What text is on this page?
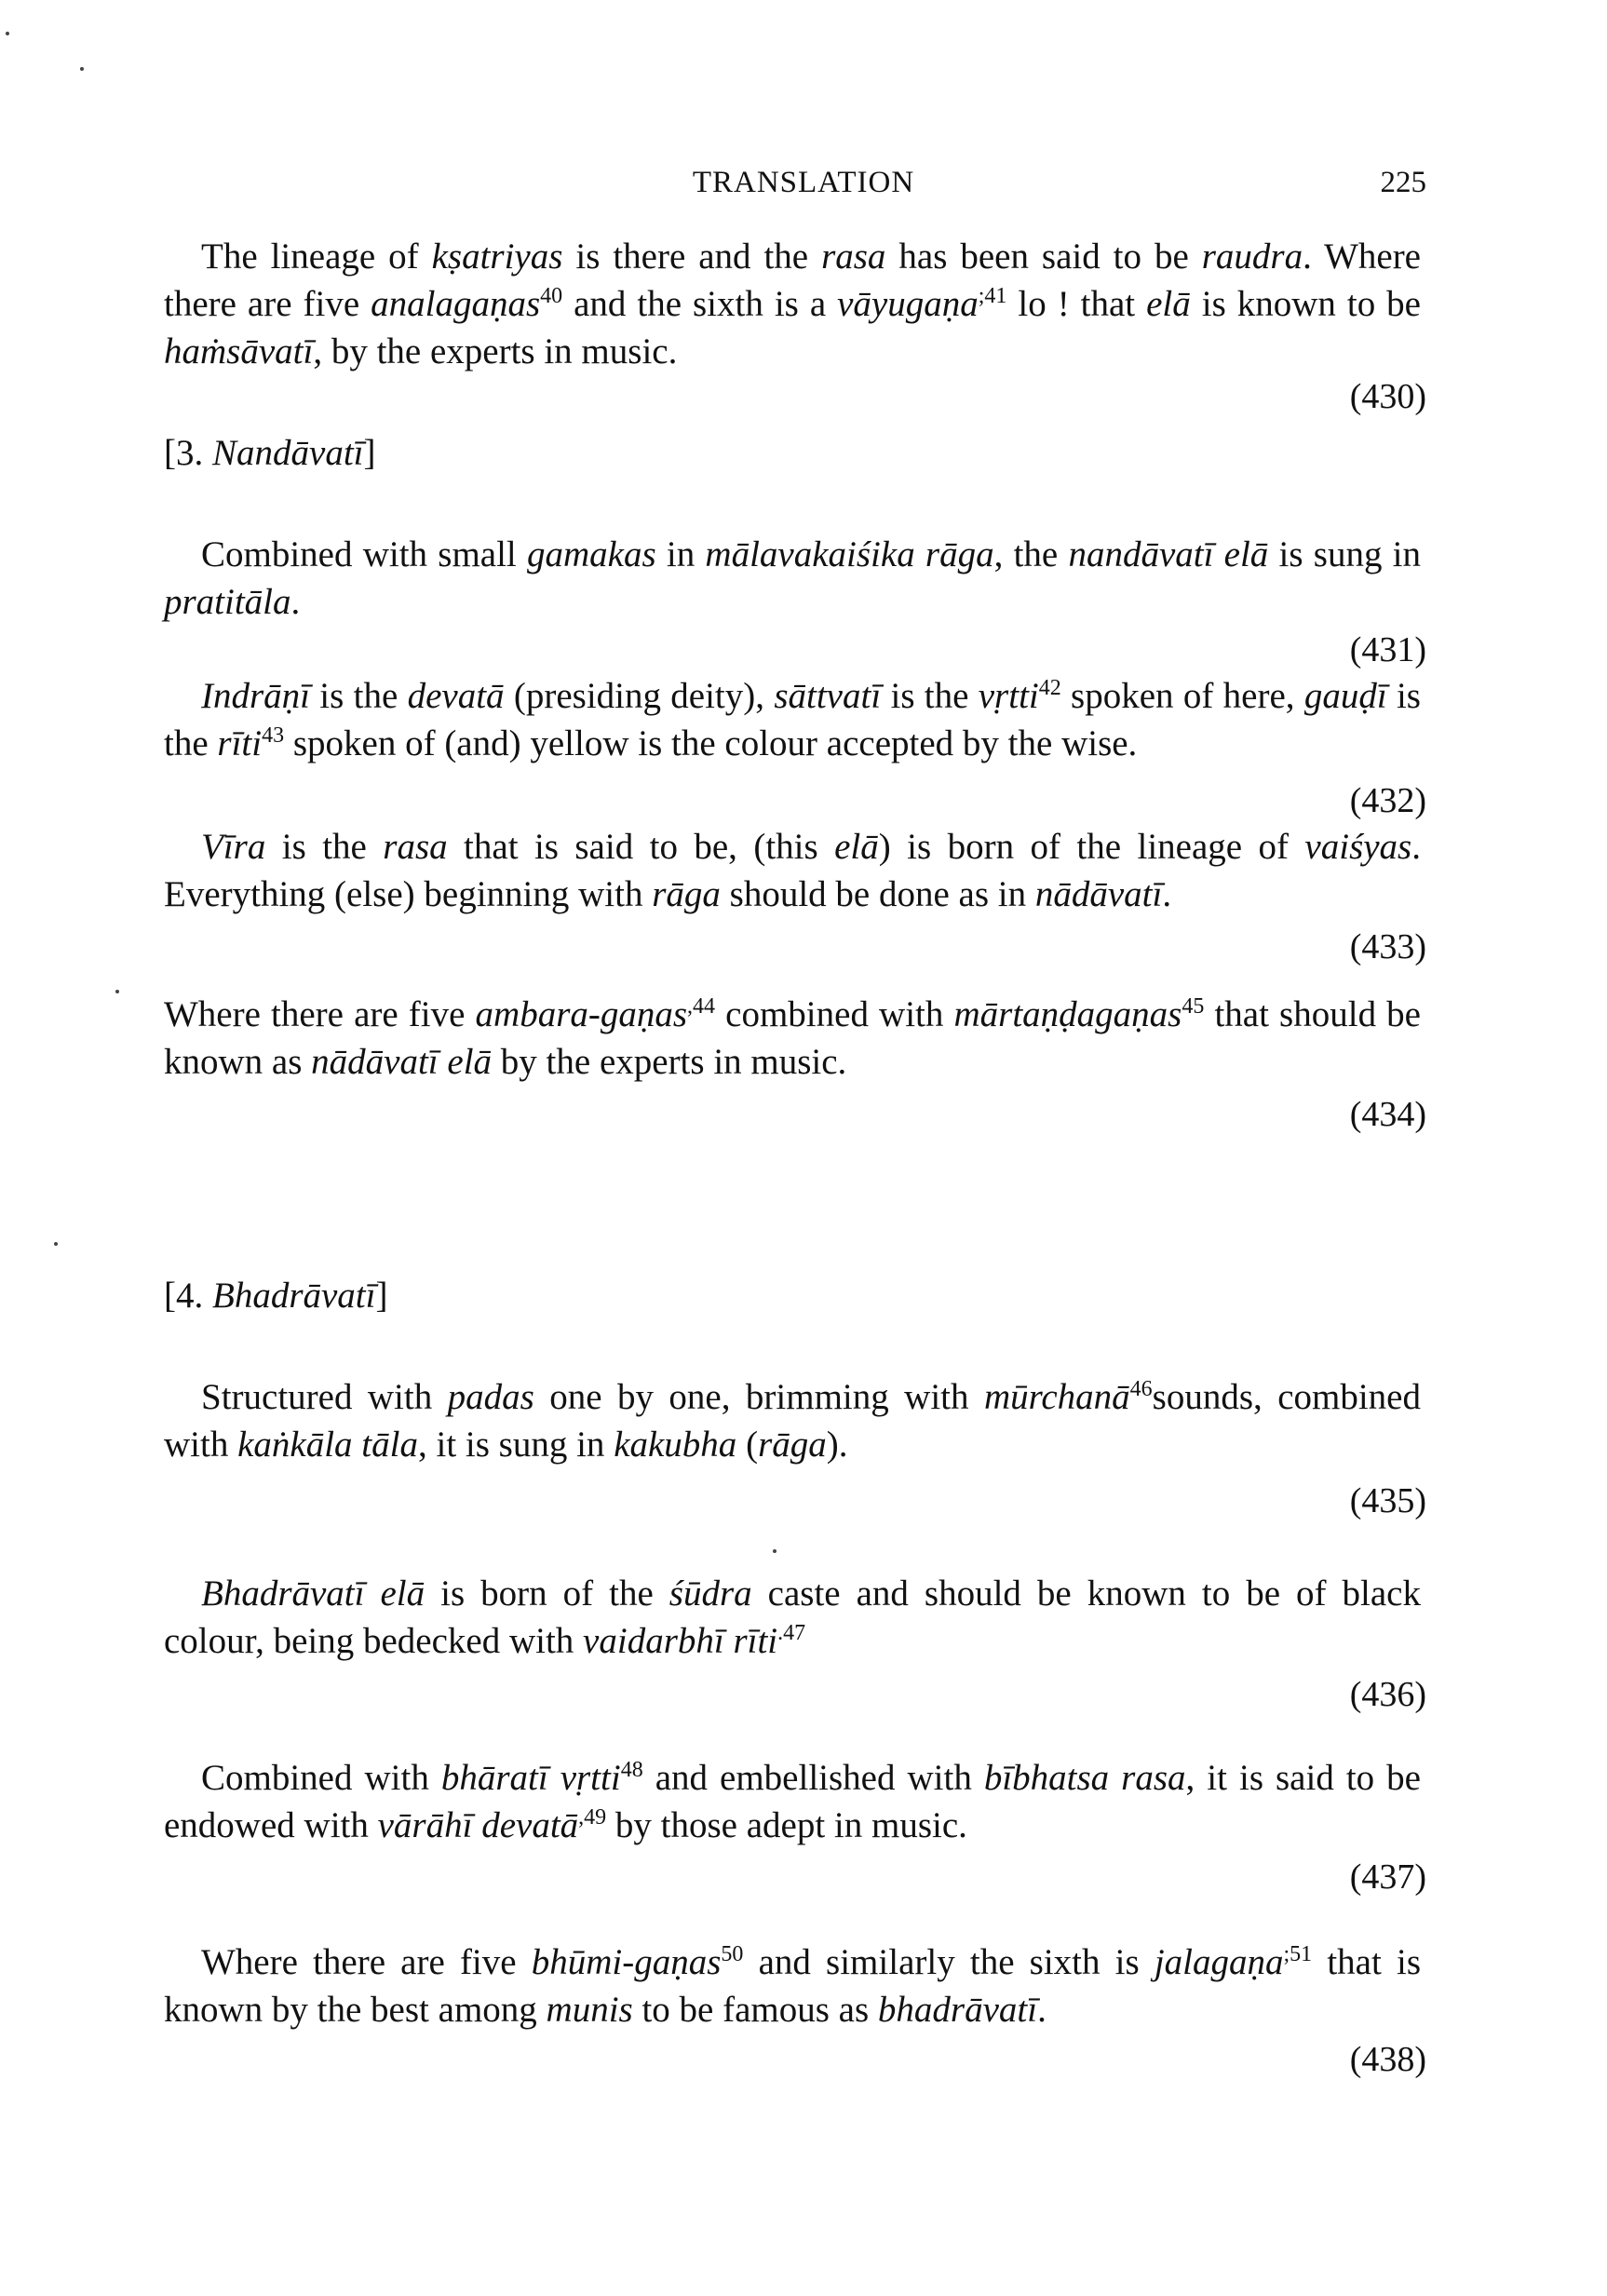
TRANSLATION	225

The lineage of kṣatriyas is there and the rasa has been said to be raudra. Where there are five analagaṇas$^{40}$ and the sixth is a vāyugaṇa$^{;41}$ lo ! that elā is known to be haṁsāvatī, by the experts in music.

(430)
[3. Nandāvatī]

Combined with small gamakas in mālavakaiśika rāga, the nandāvatī elā is sung in pratitāla.

(431)

Indrāṇī is the devatā (presiding deity), sāttvatī is the vṛtti$^{42}$ spoken of here, gauḍī is the rīti$^{43}$ spoken of (and) yellow is the colour accepted by the wise.

(432)

Vīra is the rasa that is said to be, (this elā) is born of the lineage of vaiśyas. Everything (else) beginning with rāga should be done as in nādāvatī.

(433)

Where there are five ambara-gaṇas$^{,44}$ combined with mārtaṇḍagaṇas$^{45}$ that should be known as nādāvatī elā by the experts in music.

(434)
[4. Bhadrāvatī]

Structured with padas one by one, brimming with mūrchanā$^{46}$sounds, combined with kaṅkāla tāla, it is sung in kakubha (rāga).

(435)

Bhadrāvatī elā is born of the śūdra caste and should be known to be of black colour, being bedecked with vaidarbhī rīti$^{.47}$

(436)

Combined with bhāratī vṛtti$^{48}$ and embellished with bībhatsa rasa, it is said to be endowed with vārāhī devatā$^{,49}$ by those adept in music.

(437)

Where there are five bhūmi-gaṇas$^{50}$ and similarly the sixth is jalagaṇa$^{;51}$ that is known by the best among munis to be famous as bhadrāvatī.

(438)
